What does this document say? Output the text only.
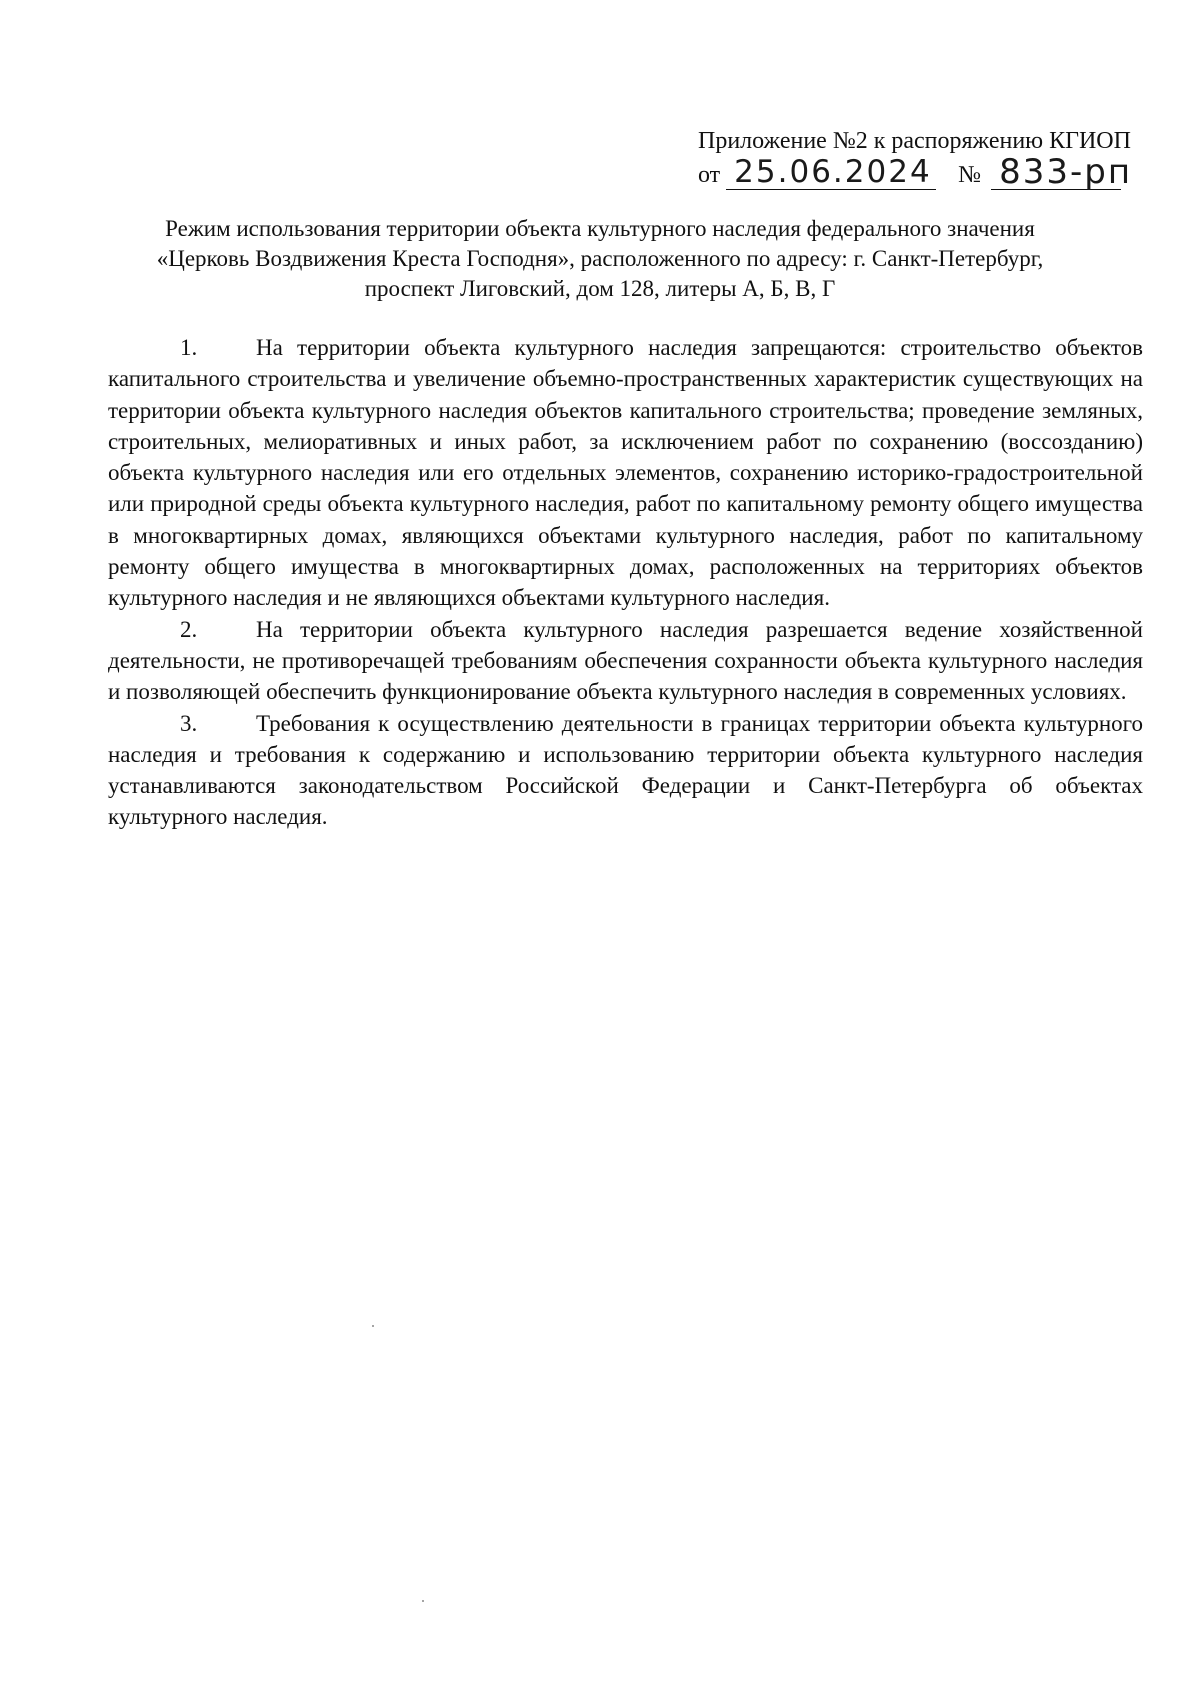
Приложение №2 к распоряжению КГИОП
от 25.06.2024 № 833-рп
Режим использования территории объекта культурного наследия федерального значения
«Церковь Воздвижения Креста Господня», расположенного по адресу: г. Санкт-Петербург,
проспект Лиговский, дом 128, литеры А, Б, В, Г

1.	На территории объекта культурного наследия запрещаются: строительство объектов капитального строительства и увеличение объемно-пространственных характеристик существующих на территории объекта культурного наследия объектов капитального строительства; проведение земляных, строительных, мелиоративных и иных работ, за исключением работ по сохранению (воссозданию) объекта культурного наследия или его отдельных элементов, сохранению историко-градостроительной или природной среды объекта культурного наследия, работ по капитальному ремонту общего имущества в многоквартирных домах, являющихся объектами культурного наследия, работ по капитальному ремонту общего имущества в многоквартирных домах, расположенных на территориях объектов культурного наследия и не являющихся объектами культурного наследия.

2.	На территории объекта культурного наследия разрешается ведение хозяйственной деятельности, не противоречащей требованиям обеспечения сохранности объекта культурного наследия и позволяющей обеспечить функционирование объекта культурного наследия в современных условиях.

3.	Требования к осуществлению деятельности в границах территории объекта культурного наследия и требования к содержанию и использованию территории объекта культурного наследия устанавливаются законодательством Российской Федерации и Санкт-Петербурга об объектах культурного наследия.
